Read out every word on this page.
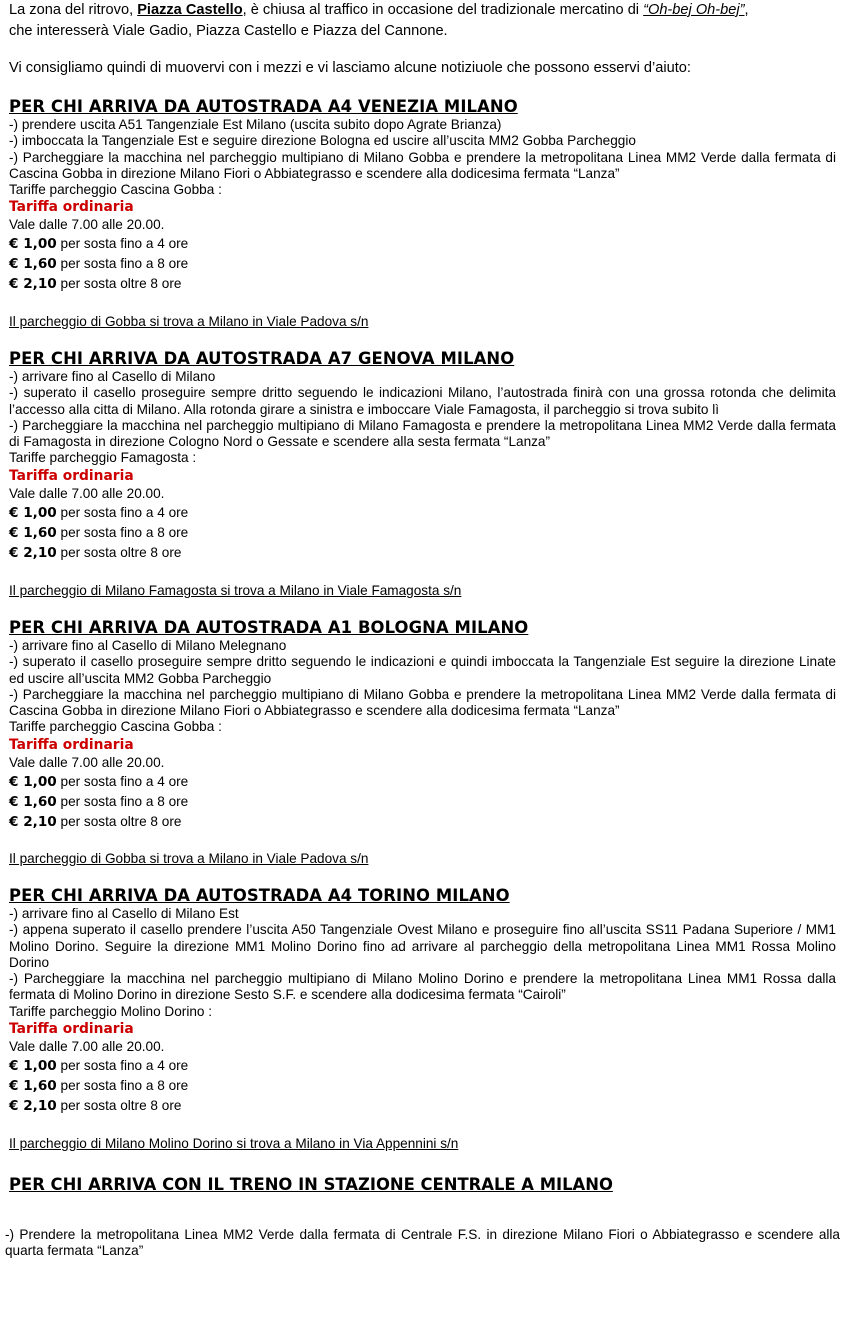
La zona del ritrovo, Piazza Castello, è chiusa al traffico in occasione del tradizionale mercatino di “Oh-bej Oh-bej”,
che interesserà Viale Gadio, Piazza Castello e Piazza del Cannone.

Vi consigliamo quindi di muovervi con i mezzi e vi lasciamo alcune notiziuole che possono esservi d’aiuto:

PER CHI ARRIVA DA AUTOSTRADA A4 VENEZIA MILANO

-) prendere uscita A51 Tangenziale Est Milano (uscita subito dopo Agrate Brianza)

-) imboccata la Tangenziale Est e seguire direzione Bologna ed uscire all’uscita MM2 Gobba Parcheggio

-) Parcheggiare la macchina nel parcheggio multipiano di Milano Gobba e prendere la metropolitana Linea MM2 Verde dalla fermata di Cascina Gobba in direzione Milano Fiori o Abbiategrasso e scendere alla dodicesima fermata “Lanza”

Tariffe parcheggio Cascina Gobba :

Tariffa ordinaria

Vale dalle 7.00 alle 20.00.

€ 1,00 per sosta fino a 4 ore

€ 1,60 per sosta fino a 8 ore

€ 2,10 per sosta oltre 8 ore

Il parcheggio di Gobba si trova a Milano in Viale Padova s/n

PER CHI ARRIVA DA AUTOSTRADA A7 GENOVA MILANO

-) arrivare fino al Casello di Milano

-) superato il casello proseguire sempre dritto seguendo le indicazioni Milano, l’autostrada finirà con una grossa rotonda che delimita l’accesso alla citta di Milano. Alla rotonda girare a sinistra e imboccare Viale Famagosta, il parcheggio si trova subito lì

-) Parcheggiare la macchina nel parcheggio multipiano di Milano Famagosta e prendere la metropolitana Linea MM2 Verde dalla fermata di Famagosta in direzione Cologno Nord o Gessate e scendere alla sesta fermata “Lanza”

Tariffe parcheggio Famagosta :

Tariffa ordinaria

Vale dalle 7.00 alle 20.00.

€ 1,00 per sosta fino a 4 ore

€ 1,60 per sosta fino a 8 ore

€ 2,10 per sosta oltre 8 ore

Il parcheggio di Milano Famagosta si trova a Milano in Viale Famagosta s/n

PER CHI ARRIVA DA AUTOSTRADA A1 BOLOGNA MILANO

-) arrivare fino al Casello di Milano Melegnano

-) superato il casello proseguire sempre dritto seguendo le indicazioni e quindi imboccata la Tangenziale Est seguire la direzione Linate ed uscire all’uscita MM2 Gobba Parcheggio

-) Parcheggiare la macchina nel parcheggio multipiano di Milano Gobba e prendere la metropolitana Linea MM2 Verde dalla fermata di Cascina Gobba in direzione Milano Fiori o Abbiategrasso e scendere alla dodicesima fermata “Lanza”

Tariffe parcheggio Cascina Gobba :

Tariffa ordinaria

Vale dalle 7.00 alle 20.00.

€ 1,00 per sosta fino a 4 ore

€ 1,60 per sosta fino a 8 ore

€ 2,10 per sosta oltre 8 ore

Il parcheggio di Gobba si trova a Milano in Viale Padova s/n

PER CHI ARRIVA DA AUTOSTRADA A4 TORINO MILANO

-) arrivare fino al Casello di Milano Est

-) appena superato il casello prendere l’uscita A50 Tangenziale Ovest Milano e proseguire fino all’uscita SS11 Padana Superiore / MM1 Molino Dorino. Seguire la direzione MM1 Molino Dorino fino ad arrivare al parcheggio della metropolitana Linea MM1 Rossa Molino Dorino

-) Parcheggiare la macchina nel parcheggio multipiano di Milano Molino Dorino e prendere la metropolitana Linea MM1 Rossa dalla fermata di Molino Dorino in direzione Sesto S.F. e scendere alla dodicesima fermata “Cairoli”

Tariffe parcheggio Molino Dorino :

Tariffa ordinaria

Vale dalle 7.00 alle 20.00.

€ 1,00 per sosta fino a 4 ore

€ 1,60 per sosta fino a 8 ore

€ 2,10 per sosta oltre 8 ore

Il parcheggio di Milano Molino Dorino si trova a Milano in Via Appennini s/n

PER CHI ARRIVA CON IL TRENO IN STAZIONE CENTRALE A MILANO

-) Prendere la metropolitana Linea MM2 Verde dalla fermata di Centrale F.S. in direzione Milano Fiori o Abbiategrasso e scendere alla quarta fermata “Lanza”
